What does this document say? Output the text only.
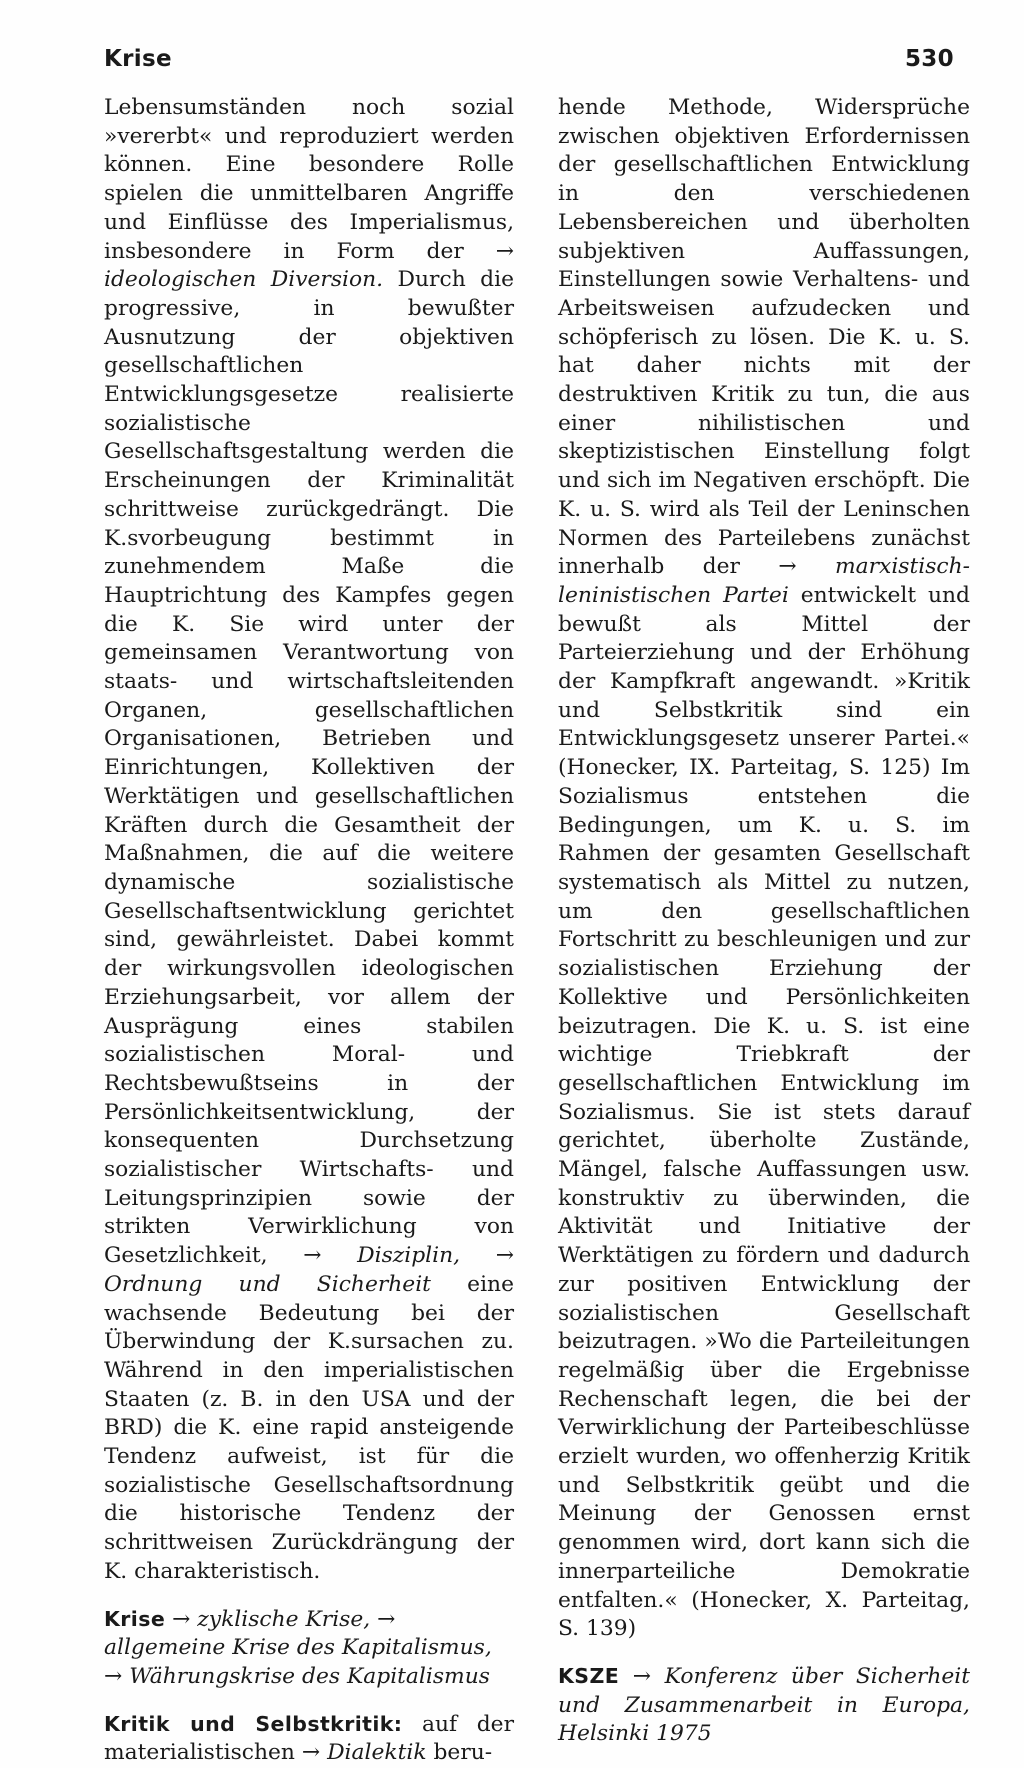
Krise	530

Lebensumständen noch sozial »vererbt« und reproduziert werden können. Eine besondere Rolle spielen die unmittelbaren Angriffe und Einflüsse des Imperialismus, insbesondere in Form der → ideologischen Diversion. Durch die progressive, in bewußter Ausnutzung der objektiven gesellschaftlichen Entwicklungsgesetze realisierte sozialistische Gesellschaftsgestaltung werden die Erscheinungen der Kriminalität schrittweise zurückgedrängt. Die K.svorbeugung bestimmt in zunehmendem Maße die Hauptrichtung des Kampfes gegen die K. Sie wird unter der gemeinsamen Verantwortung von staats- und wirtschaftsleitenden Organen, gesellschaftlichen Organisationen, Betrieben und Einrichtungen, Kollektiven der Werktätigen und gesellschaftlichen Kräften durch die Gesamtheit der Maßnahmen, die auf die weitere dynamische sozialistische Gesellschaftsentwicklung gerichtet sind, gewährleistet. Dabei kommt der wirkungsvollen ideologischen Erziehungsarbeit, vor allem der Ausprägung eines stabilen sozialistischen Moral- und Rechtsbewußtseins in der Persönlichkeitsentwicklung, der konsequenten Durchsetzung sozialistischer Wirtschafts- und Leitungsprinzipien sowie der strikten Verwirklichung von Gesetzlichkeit, → Disziplin, → Ordnung und Sicherheit eine wachsende Bedeutung bei der Überwindung der K.sursachen zu. Während in den imperialistischen Staaten (z. B. in den USA und der BRD) die K. eine rapid ansteigende Tendenz aufweist, ist für die sozialistische Gesellschaftsordnung die historische Tendenz der schrittweisen Zurückdrängung der K. charakteristisch.

Krise → zyklische Krise, → allgemeine Krise des Kapitalismus, → Währungskrise des Kapitalismus

Kritik und Selbstkritik: auf der materialistischen → Dialektik beru-

hende Methode, Widersprüche zwischen objektiven Erfordernissen der gesellschaftlichen Entwicklung in den verschiedenen Lebensbereichen und überholten subjektiven Auffassungen, Einstellungen sowie Verhaltens- und Arbeitsweisen aufzudecken und schöpferisch zu lösen. Die K. u. S. hat daher nichts mit der destruktiven Kritik zu tun, die aus einer nihilistischen und skeptizistischen Einstellung folgt und sich im Negativen erschöpft. Die K. u. S. wird als Teil der Leninschen Normen des Parteilebens zunächst innerhalb der → marxistisch-leninistischen Partei entwickelt und bewußt als Mittel der Parteierziehung und der Erhöhung der Kampfkraft angewandt. »Kritik und Selbstkritik sind ein Entwicklungsgesetz unserer Partei.« (Honecker, IX. Parteitag, S. 125) Im Sozialismus entstehen die Bedingungen, um K. u. S. im Rahmen der gesamten Gesellschaft systematisch als Mittel zu nutzen, um den gesellschaftlichen Fortschritt zu beschleunigen und zur sozialistischen Erziehung der Kollektive und Persönlichkeiten beizutragen. Die K. u. S. ist eine wichtige Triebkraft der gesellschaftlichen Entwicklung im Sozialismus. Sie ist stets darauf gerichtet, überholte Zustände, Mängel, falsche Auffassungen usw. konstruktiv zu überwinden, die Aktivität und Initiative der Werktätigen zu fördern und dadurch zur positiven Entwicklung der sozialistischen Gesellschaft beizutragen. »Wo die Parteileitungen regelmäßig über die Ergebnisse Rechenschaft legen, die bei der Verwirklichung der Parteibeschlüsse erzielt wurden, wo offenherzig Kritik und Selbstkritik geübt und die Meinung der Genossen ernst genommen wird, dort kann sich die innerparteiliche Demokratie entfalten.« (Honecker, X. Parteitag, S. 139)

KSZE → Konferenz über Sicherheit und Zusammenarbeit in Europa, Helsinki 1975
